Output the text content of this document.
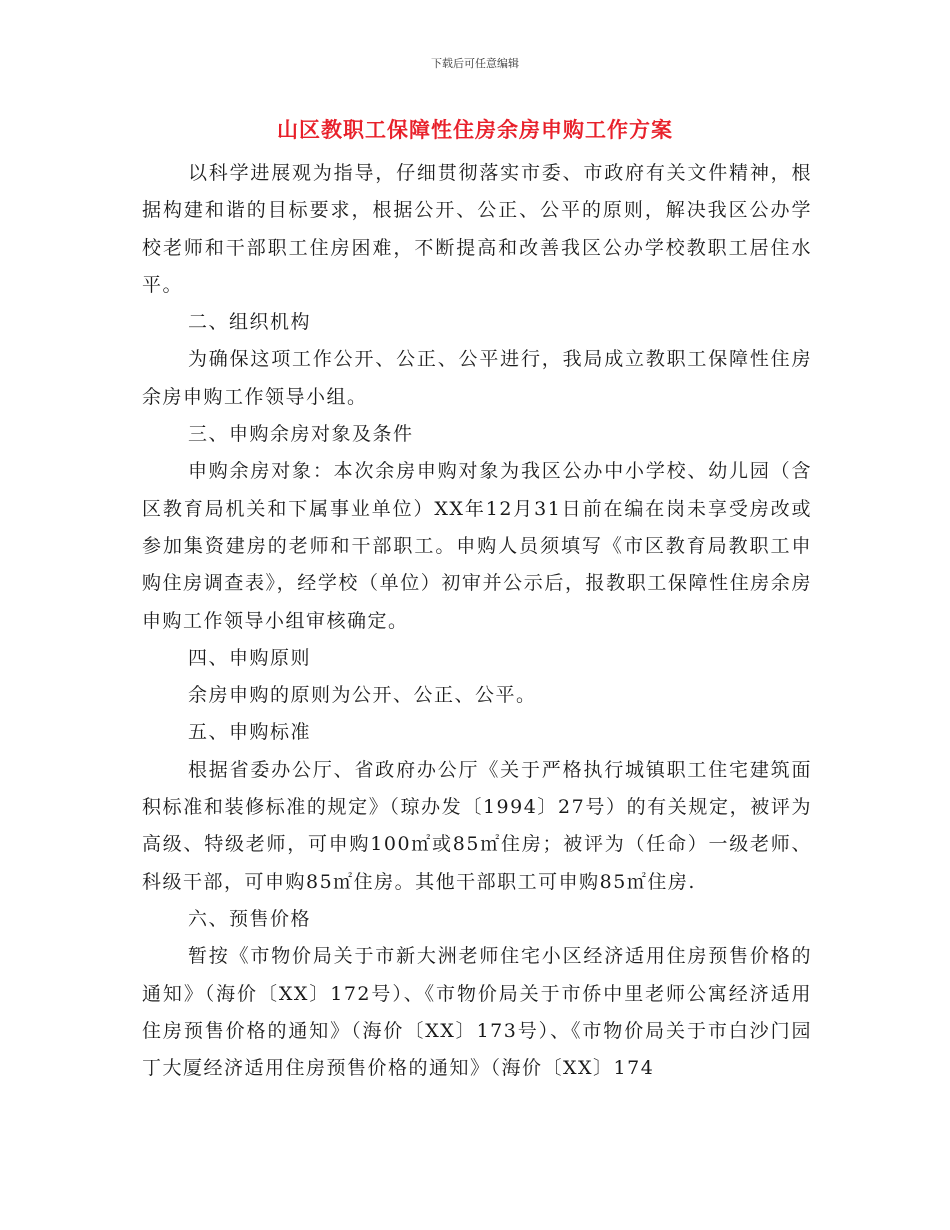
下载后可任意编辑
山区教职工保障性住房余房申购工作方案

以科学进展观为指导，仔细贯彻落实市委、市政府有关文件精神，根据构建和谐的目标要求，根据公开、公正、公平的原则，解决我区公办学校老师和干部职工住房困难，不断提高和改善我区公办学校教职工居住水平。

二、组织机构

为确保这项工作公开、公正、公平进行，我局成立教职工保障性住房余房申购工作领导小组。

三、申购余房对象及条件

申购余房对象：本次余房申购对象为我区公办中小学校、幼儿园（含区教育局机关和下属事业单位）XX年12月31日前在编在岗未享受房改或参加集资建房的老师和干部职工。申购人员须填写《市区教育局教职工申购住房调查表》，经学校（单位）初审并公示后，报教职工保障性住房余房申购工作领导小组审核确定。

四、申购原则

余房申购的原则为公开、公正、公平。

五、申购标准

根据省委办公厅、省政府办公厅《关于严格执行城镇职工住宅建筑面积标准和装修标准的规定》（琼办发〔1994〕27号）的有关规定，被评为高级、特级老师，可申购100㎡或85㎡住房；被评为（任命）一级老师、科级干部，可申购85㎡住房。其他干部职工可申购85㎡住房.

六、预售价格

暂按《市物价局关于市新大洲老师住宅小区经济适用住房预售价格的通知》（海价〔XX〕172号）、《市物价局关于市侨中里老师公寓经济适用住房预售价格的通知》（海价〔XX〕173号）、《市物价局关于市白沙门园丁大厦经济适用住房预售价格的通知》（海价〔XX〕174
